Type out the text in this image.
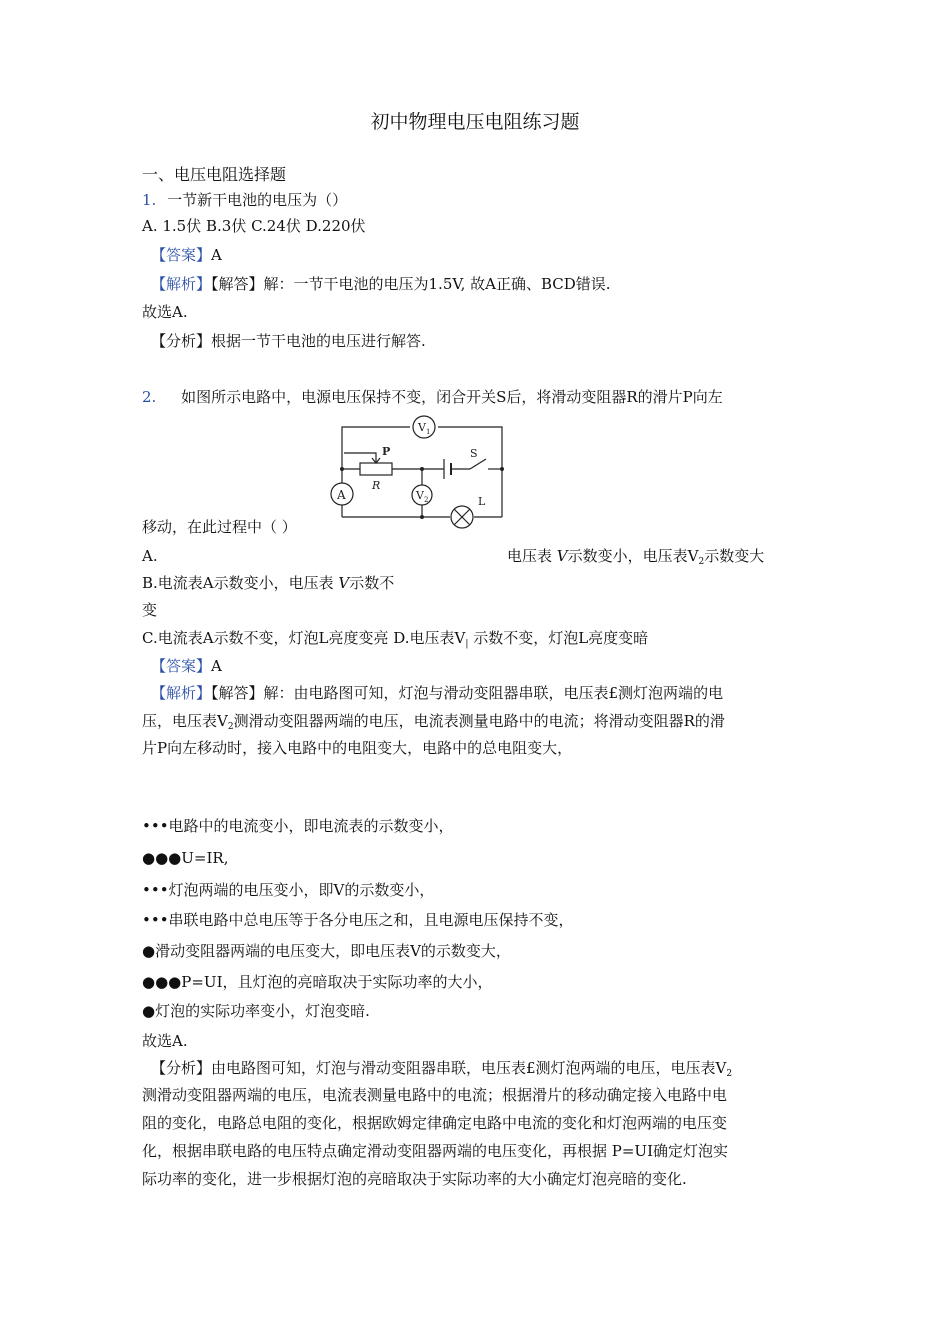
初中物理电压电阻练习题
一、电压电阻选择题
1. 一节新干电池的电压为（）
A. 1.5伏 B.3伏 C.24伏 D.220伏
【答案】A
【解析】【解答】解：一节干电池的电压为1.5V, 故A正确、BCD错误.
故选A.
【分析】根据一节干电池的电压进行解答.
2. 如图所示电路中，电源电压保持不变，闭合开关S后，将滑动变阻器R的滑片P向左
$V_1$
P	S
R
A	$V_2$	L
移动，在此过程中（ ）
A.	电压表 V示数变小，电压表$V_2$示数变大
B.电流表A示数变小，电压表 V示数不
变
C.电流表A示数不变，灯泡L亮度变亮 D.电压表$V_|$ 示数不变，灯泡L亮度变暗
【答案】A
【解析】【解答】解：由电路图可知，灯泡与滑动变阻器串联，电压表£测灯泡两端的电
压，电压表$V_2$测滑动变阻器两端的电压，电流表测量电路中的电流；将滑动变阻器R的滑
片P向左移动时，接入电路中的电阻变大，电路中的总电阻变大，
•••电路中的电流变小，即电流表的示数变小，
●●●U=IR,
•••灯泡两端的电压变小，即V的示数变小，
•••串联电路中总电压等于各分电压之和，且电源电压保持不变，
●滑动变阻器两端的电压变大，即电压表V的示数变大，
●●●P=UI，且灯泡的亮暗取决于实际功率的大小，
●灯泡的实际功率变小，灯泡变暗.
故选A.
【分析】由电路图可知，灯泡与滑动变阻器串联，电压表£测灯泡两端的电压，电压表$V_2$
测滑动变阻器两端的电压，电流表测量电路中的电流；根据滑片的移动确定接入电路中电
阻的变化，电路总电阻的变化，根据欧姆定律确定电路中电流的变化和灯泡两端的电压变
化，根据串联电路的电压特点确定滑动变阻器两端的电压变化，再根据 P=UI确定灯泡实
际功率的变化，进一步根据灯泡的亮暗取决于实际功率的大小确定灯泡亮暗的变化.
